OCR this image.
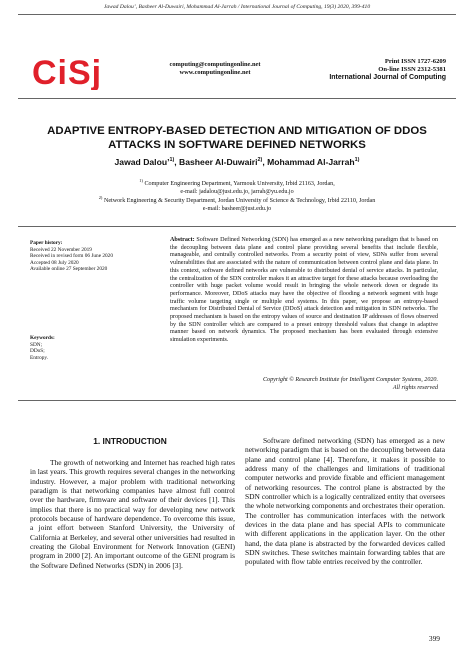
Jawad Dalou’, Basheer Al-Duwairi, Mohammad Al-Jarrah / International Journal of Computing, 19(3) 2020, 399-410
CiSj	computing@computingonline.net
www.computingonline.net
Print ISSN 1727-6209
On-line ISSN 2312-5381
International Journal of Computing
ADAPTIVE ENTROPY-BASED DETECTION AND MITIGATION OF DDOS
ATTACKS IN SOFTWARE DEFINED NETWORKS
Jawad Dalou’$^{1)}$, Basheer Al-Duwairi$^{2)}$, Mohammad Al-Jarrah$^{1)}$
$^{1)}$ Computer Engineering Department, Yarmouk University, Irbid 21163, Jordan,
e-mail: jadalou@just.edu.jo, jarrah@yu.edu.jo
$^{2)}$ Network Engineering & Security Department, Jordan University of Science & Technology, Irbid 22110, Jordan
e-mail: basheer@just.edu.jo
Paper history:
Received 22 November 2019
Received in revised form 06 June 2020
Accepted 08 July 2020
Available online 27 September 2020
Keywords:
SDN;
DDoS;
Entropy.
Abstract: Software Defined Networking (SDN) has emerged as a new networking paradigm that is based on the decoupling between data plane and control plane providing several benefits that include flexible, manageable, and centrally controlled networks. From a security point of view, SDNs suffer from several vulnerabilities that are associated with the nature of communication between control plane and data plane. In this context, software defined networks are vulnerable to distributed denial of service attacks. In particular, the centralization of the SDN controller makes it an attractive target for these attacks because overloading the controller with huge packet volume would result in bringing the whole network down or degrade its performance. Moreover, DDoS attacks may have the objective of flooding a network segment with huge traffic volume targeting single or multiple end systems. In this paper, we propose an entropy-based mechanism for Distributed Denial of Service (DDoS) attack detection and mitigation in SDN networks. The proposed mechanism is based on the entropy values of source and destination IP addresses of flows observed by the SDN controller which are compared to a preset entropy threshold values that change in adaptive manner based on network dynamics. The proposed mechanism has been evaluated through extensive simulation experiments.
Copyright © Research Institute for Intelligent Computer Systems, 2020.
All rights reserved
1. INTRODUCTION
The growth of networking and Internet has reached high rates in last years. This growth requires several changes in the networking industry. However, a major problem with traditional networking paradigm is that networking companies have almost full control over the hardware, firmware and software of their devices [1]. This implies that there is no practical way for developing new network protocols because of hardware dependence. To overcome this issue, a joint effort between Stanford University, the University of California at Berkeley, and several other universities had resulted in creating the Global Environment for Network Innovation (GENI) program in 2000 [2]. An important outcome of the GENI program is the Software Defined Networks (SDN) in 2006 [3].
Software defined networking (SDN) has emerged as a new networking paradigm that is based on the decoupling between data plane and control plane [4]. Therefore, it makes it possible to address many of the challenges and limitations of traditional computer networks and provide fixable and efficient management of networking resources. The control plane is abstracted by the SDN controller which is a logically centralized entity that oversees the whole networking components and orchestrates their operation. The controller has communication interfaces with the network devices in the data plane and has special APIs to communicate with different applications in the application layer. On the other hand, the data plane is abstracted by the forwarded devices called SDN switches. These switches maintain forwarding tables that are populated with flow table entries received by the controller.
399
